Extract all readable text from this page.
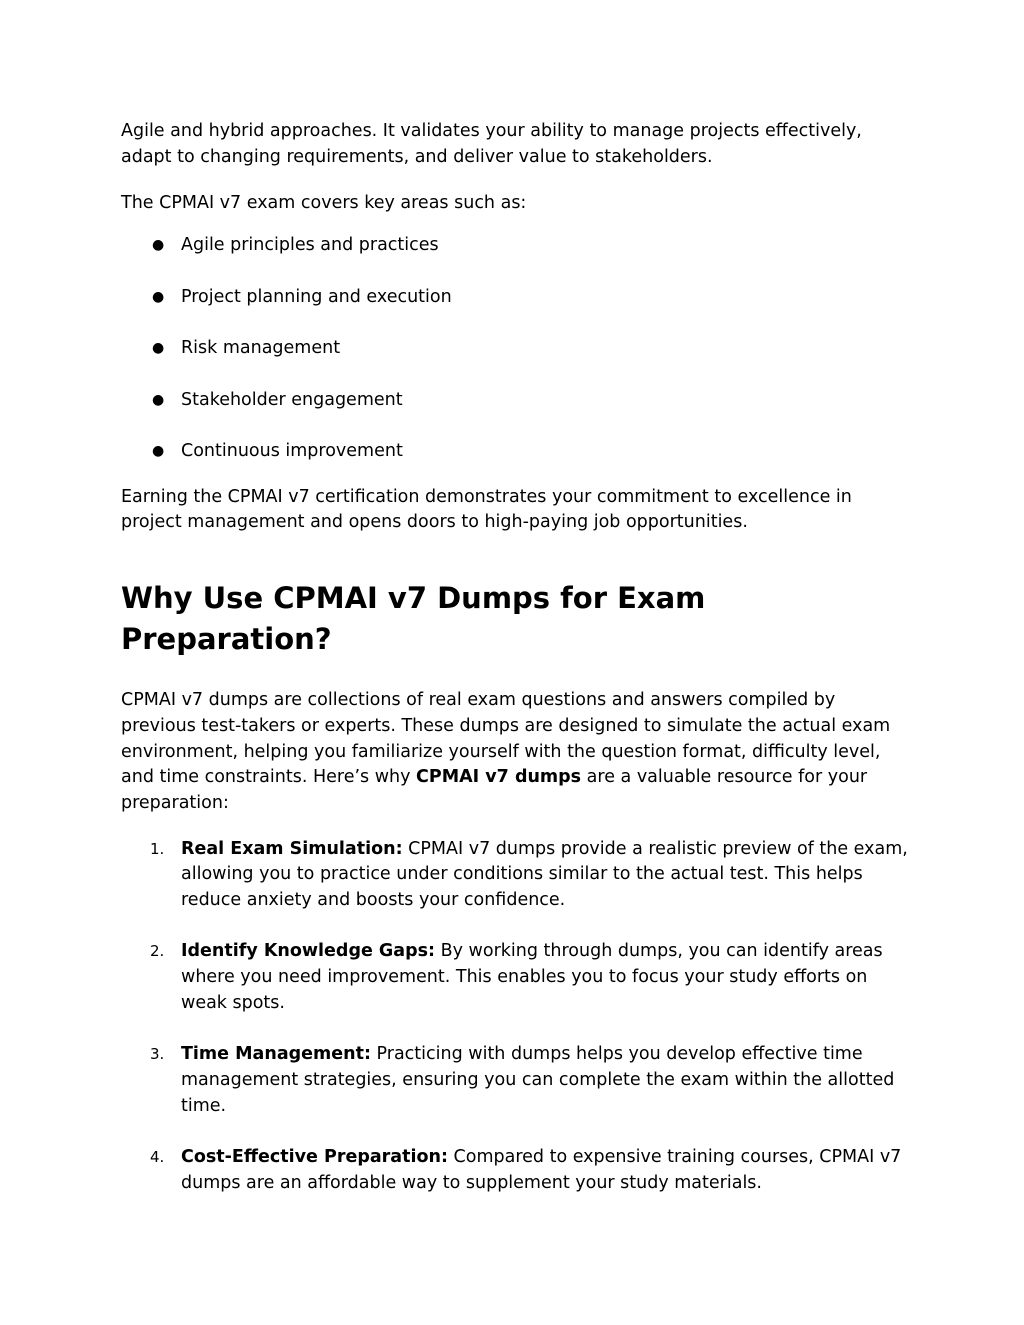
Agile and hybrid approaches. It validates your ability to manage projects effectively, adapt to changing requirements, and deliver value to stakeholders.

The CPMAI v7 exam covers key areas such as:

● Agile principles and practices
● Project planning and execution
● Risk management
● Stakeholder engagement
● Continuous improvement

Earning the CPMAI v7 certification demonstrates your commitment to excellence in project management and opens doors to high-paying job opportunities.

Why Use CPMAI v7 Dumps for Exam Preparation?

CPMAI v7 dumps are collections of real exam questions and answers compiled by previous test-takers or experts. These dumps are designed to simulate the actual exam environment, helping you familiarize yourself with the question format, difficulty level, and time constraints. Here’s why CPMAI v7 dumps are a valuable resource for your preparation:

1. Real Exam Simulation: CPMAI v7 dumps provide a realistic preview of the exam, allowing you to practice under conditions similar to the actual test. This helps reduce anxiety and boosts your confidence.
2. Identify Knowledge Gaps: By working through dumps, you can identify areas where you need improvement. This enables you to focus your study efforts on weak spots.
3. Time Management: Practicing with dumps helps you develop effective time management strategies, ensuring you can complete the exam within the allotted time.
4. Cost-Effective Preparation: Compared to expensive training courses, CPMAI v7 dumps are an affordable way to supplement your study materials.
